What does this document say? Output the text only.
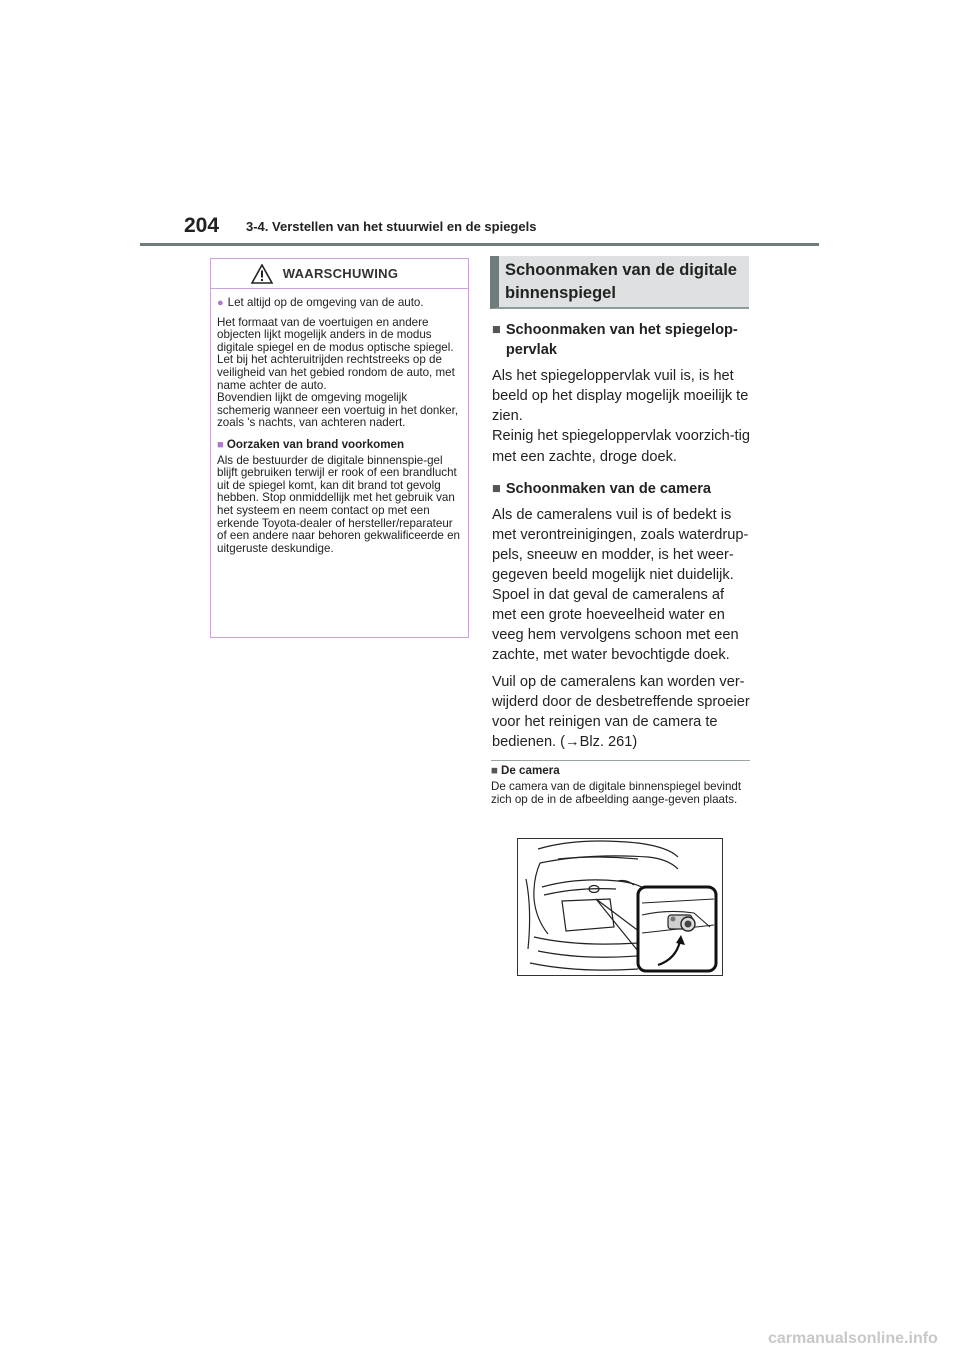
204 3-4. Verstellen van het stuurwiel en de spiegels
WAARSCHUWING
● Let altijd op de omgeving van de auto.

Het formaat van de voertuigen en andere objecten lijkt mogelijk anders in de modus digitale spiegel en de modus optische spiegel.
Let bij het achteruitrijden rechtstreeks op de veiligheid van het gebied rondom de auto, met name achter de auto.
Bovendien lijkt de omgeving mogelijk schemerig wanneer een voertuig in het donker, zoals 's nachts, van achteren nadert.

■ Oorzaken van brand voorkomen

Als de bestuurder de digitale binnenspie-gel blijft gebruiken terwijl er rook of een brandlucht uit de spiegel komt, kan dit brand tot gevolg hebben. Stop onmiddellijk met het gebruik van het systeem en neem contact op met een erkende Toyota-dealer of hersteller/reparateur of een andere naar behoren gekwalificeerde en uitgeruste deskundige.

Schoonmaken van de digitale binnenspiegel
■ Schoonmaken van het spiegelop-pervlak

Als het spiegeloppervlak vuil is, is het beeld op het display mogelijk moeilijk te zien.

Reinig het spiegeloppervlak voorzich-tig met een zachte, droge doek.

■ Schoonmaken van de camera

Als de cameralens vuil is of bedekt is met verontreinigingen, zoals waterdrup-pels, sneeuw en modder, is het weer-gegeven beeld mogelijk niet duidelijk. Spoel in dat geval de cameralens af met een grote hoeveelheid water en veeg hem vervolgens schoon met een zachte, met water bevochtigde doek.

Vuil op de cameralens kan worden ver-wijderd door de desbetreffende sproeier voor het reinigen van de camera te bedienen. (→Blz. 261)

■ De camera
De camera van de digitale binnenspiegel bevindt zich op de in de afbeelding aange-geven plaats.
carmanualsonline.info
